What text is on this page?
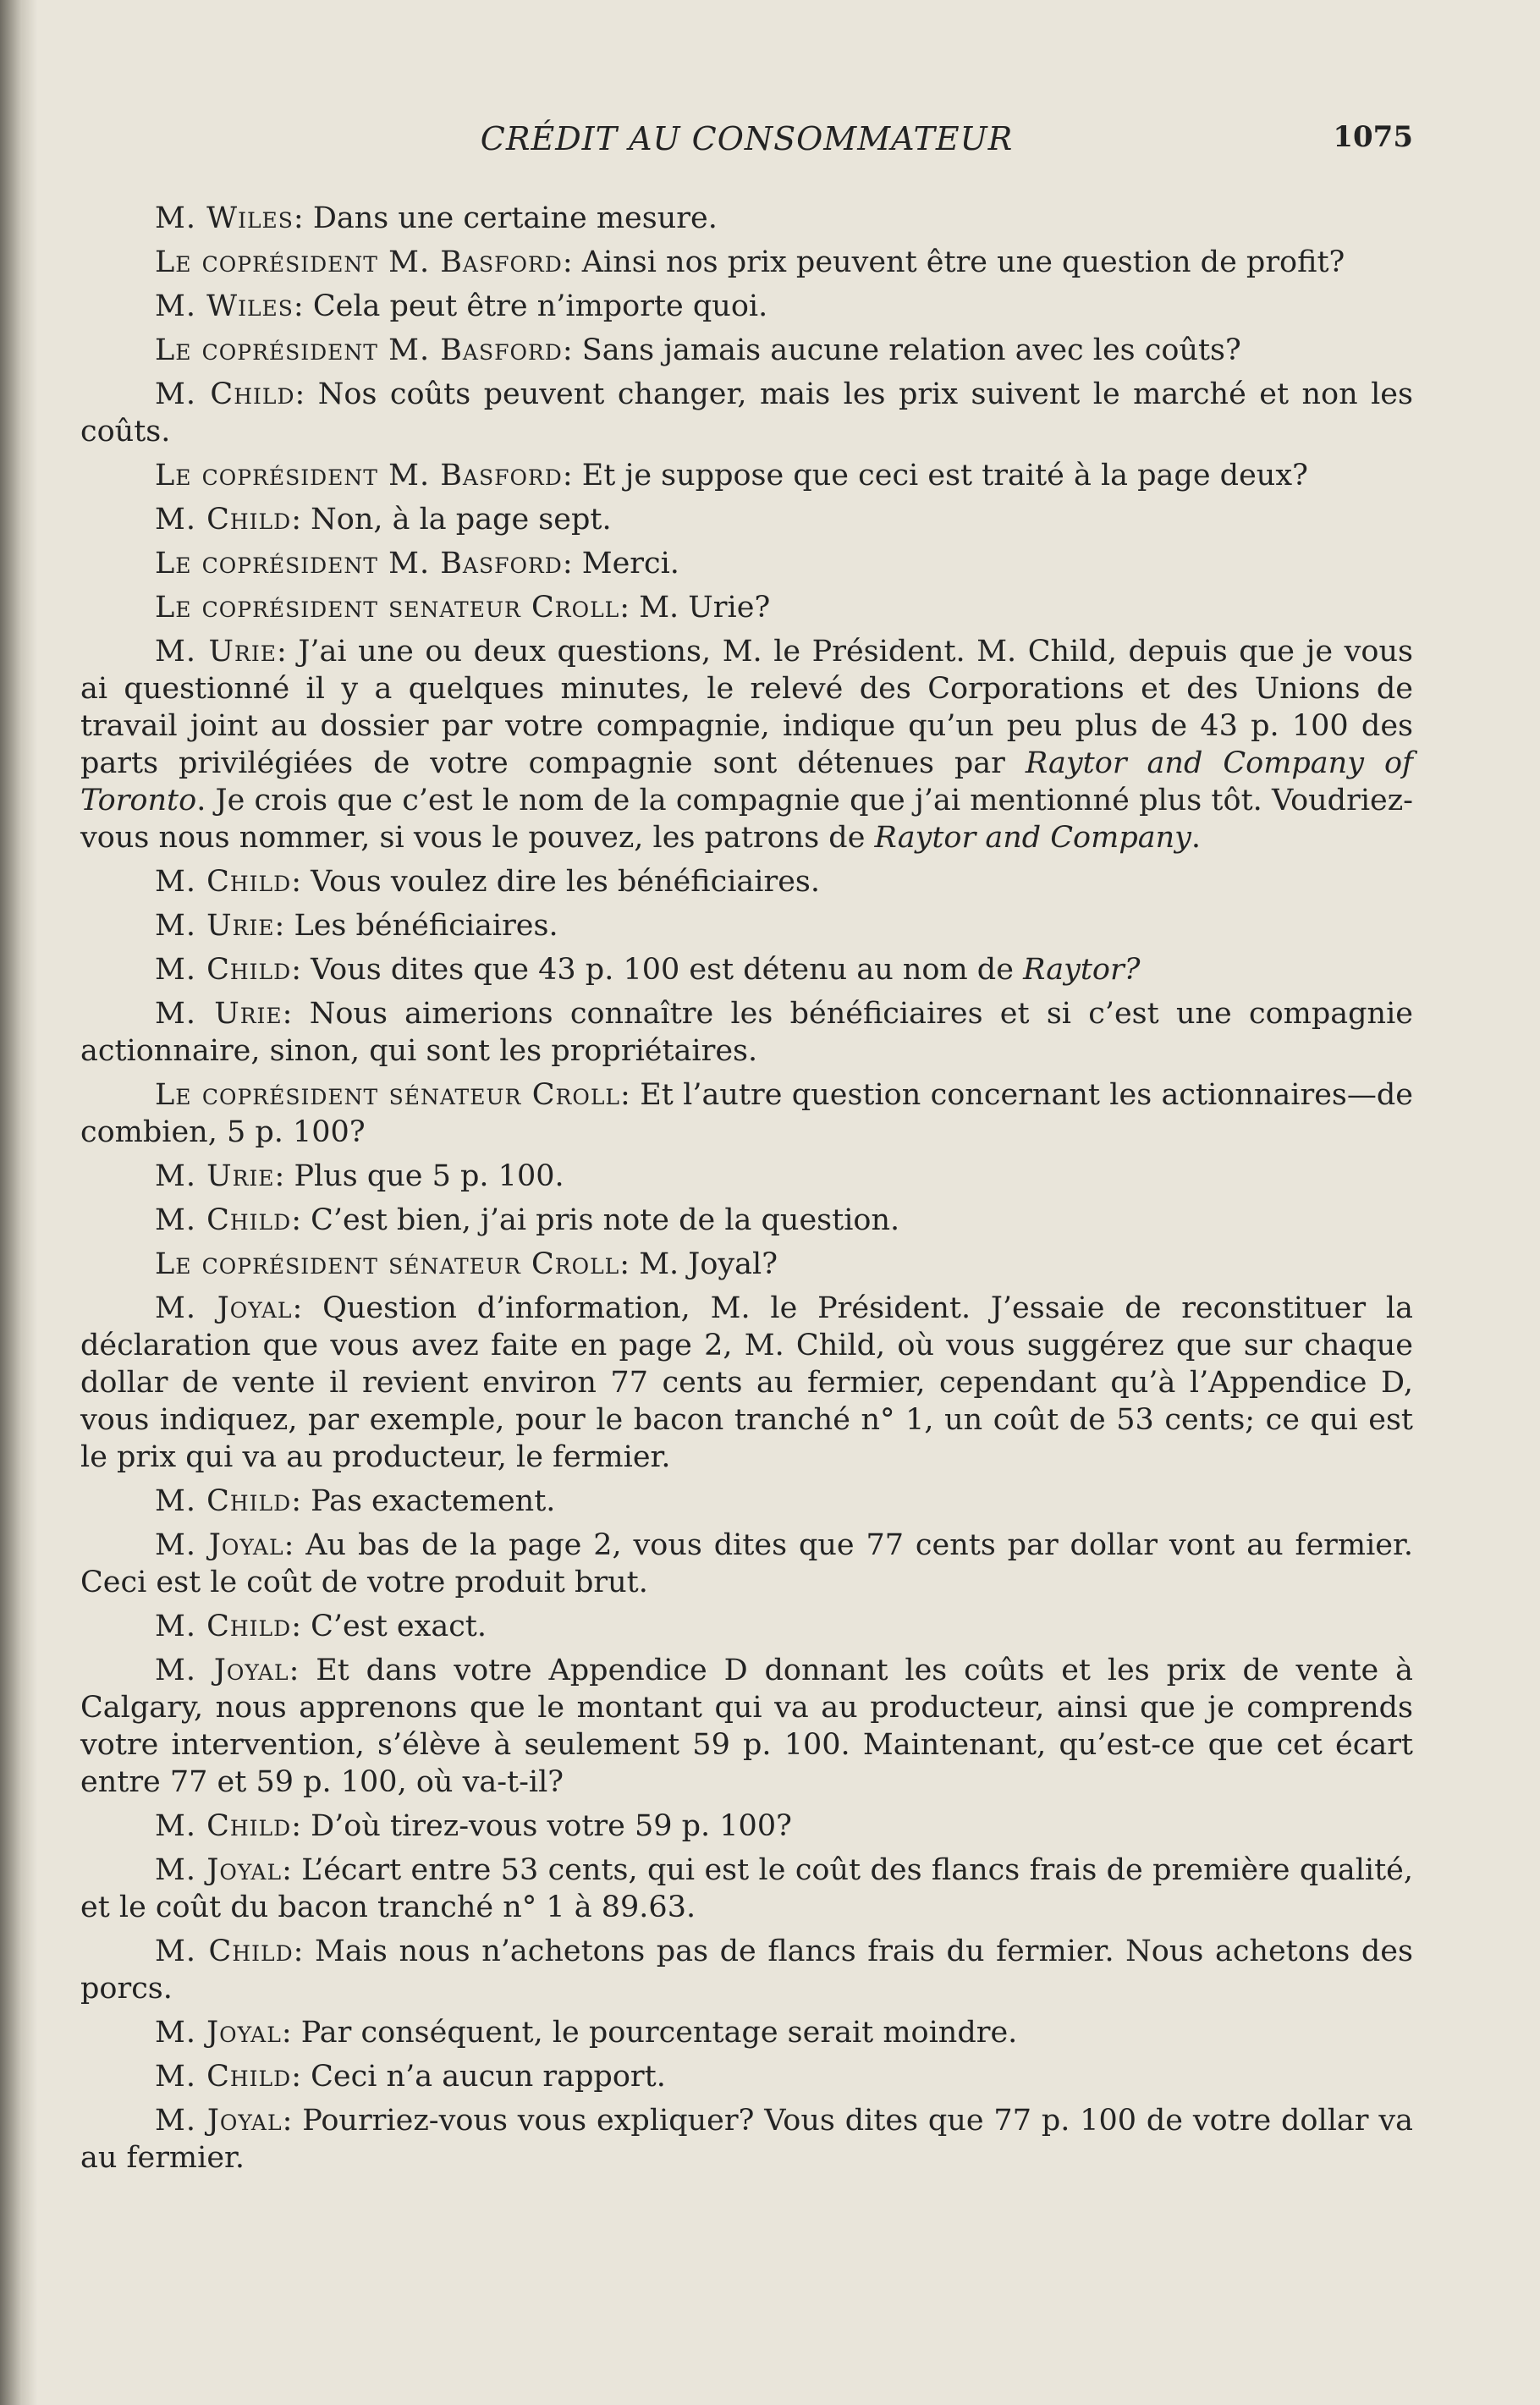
CRÉDIT AU CONSOMMATEUR	1075

M. Wiles: Dans une certaine mesure.

Le coprésident M. Basford: Ainsi nos prix peuvent être une question de profit?

M. Wiles: Cela peut être n’importe quoi.

Le coprésident M. Basford: Sans jamais aucune relation avec les coûts?

M. Child: Nos coûts peuvent changer, mais les prix suivent le marché et non les coûts.

Le coprésident M. Basford: Et je suppose que ceci est traité à la page deux?

M. Child: Non, à la page sept.

Le coprésident M. Basford: Merci.

Le coprésident senateur Croll: M. Urie?

M. Urie: J’ai une ou deux questions, M. le Président. M. Child, depuis que je vous ai questionné il y a quelques minutes, le relevé des Corporations et des Unions de travail joint au dossier par votre compagnie, indique qu’un peu plus de 43 p. 100 des parts privilégiées de votre compagnie sont détenues par Raytor and Company of Toronto. Je crois que c’est le nom de la compagnie que j’ai mentionné plus tôt. Voudriez-vous nous nommer, si vous le pouvez, les patrons de Raytor and Company.

M. Child: Vous voulez dire les bénéficiaires.

M. Urie: Les bénéficiaires.

M. Child: Vous dites que 43 p. 100 est détenu au nom de Raytor?

M. Urie: Nous aimerions connaître les bénéficiaires et si c’est une compagnie actionnaire, sinon, qui sont les propriétaires.

Le coprésident sénateur Croll: Et l’autre question concernant les actionnaires—de combien, 5 p. 100?

M. Urie: Plus que 5 p. 100.

M. Child: C’est bien, j’ai pris note de la question.

Le coprésident sénateur Croll: M. Joyal?

M. Joyal: Question d’information, M. le Président. J’essaie de reconstituer la déclaration que vous avez faite en page 2, M. Child, où vous suggérez que sur chaque dollar de vente il revient environ 77 cents au fermier, cependant qu’à l’Appendice D, vous indiquez, par exemple, pour le bacon tranché n° 1, un coût de 53 cents; ce qui est le prix qui va au producteur, le fermier.

M. Child: Pas exactement.

M. Joyal: Au bas de la page 2, vous dites que 77 cents par dollar vont au fermier. Ceci est le coût de votre produit brut.

M. Child: C’est exact.

M. Joyal: Et dans votre Appendice D donnant les coûts et les prix de vente à Calgary, nous apprenons que le montant qui va au producteur, ainsi que je comprends votre intervention, s’élève à seulement 59 p. 100. Maintenant, qu’est-ce que cet écart entre 77 et 59 p. 100, où va-t-il?

M. Child: D’où tirez-vous votre 59 p. 100?

M. Joyal: L’écart entre 53 cents, qui est le coût des flancs frais de première qualité, et le coût du bacon tranché n° 1 à 89.63.

M. Child: Mais nous n’achetons pas de flancs frais du fermier. Nous achetons des porcs.

M. Joyal: Par conséquent, le pourcentage serait moindre.

M. Child: Ceci n’a aucun rapport.

M. Joyal: Pourriez-vous vous expliquer? Vous dites que 77 p. 100 de votre dollar va au fermier.
